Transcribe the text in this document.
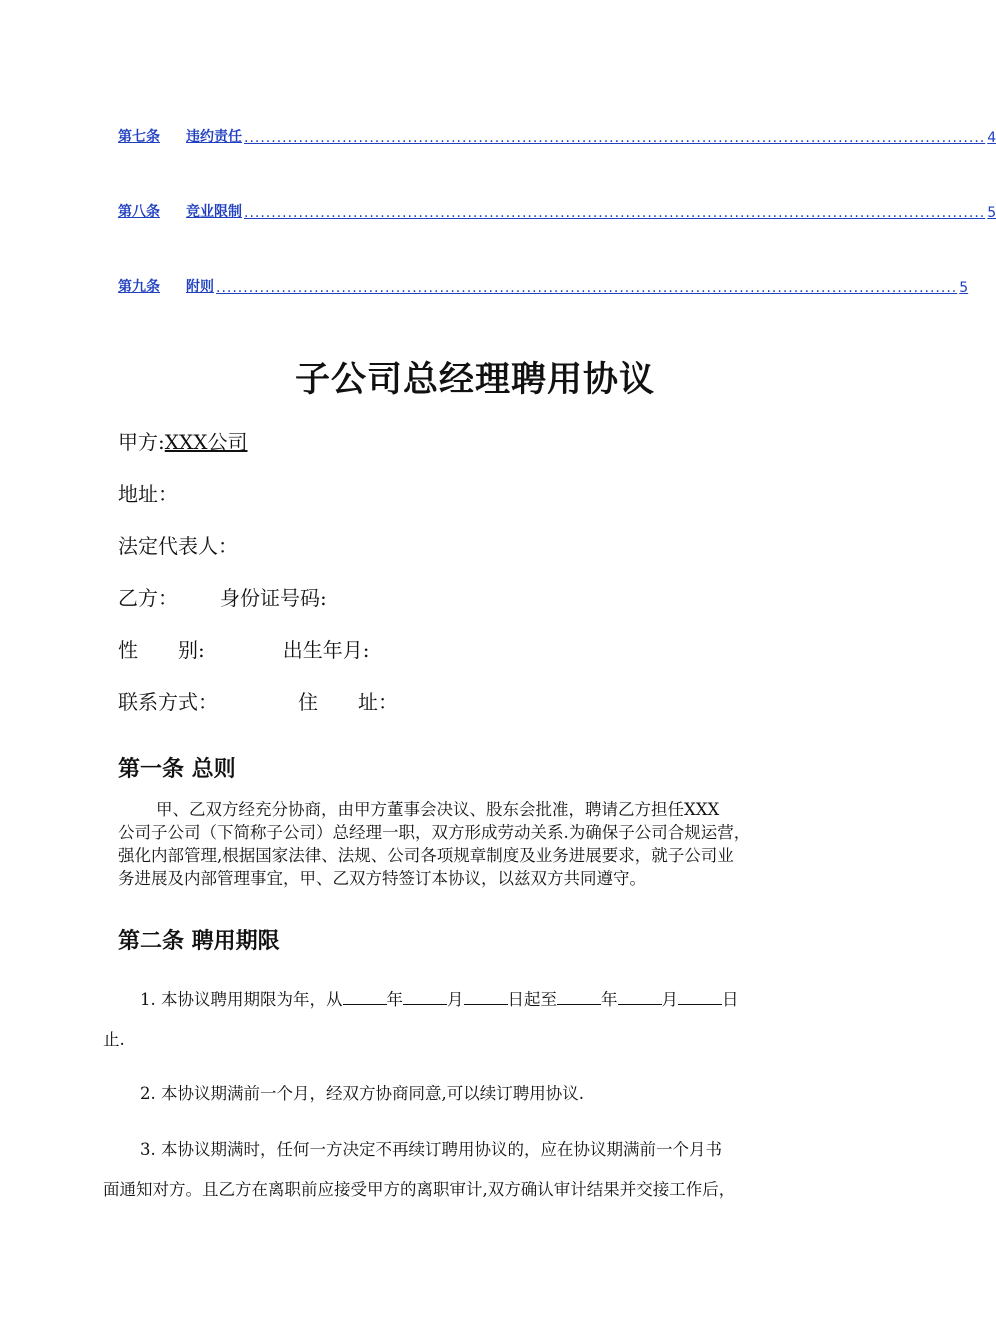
第七条 违约责任 ........................................................................................................................................ 4
第八条 竞业限制 ........................................................................................................................................ 5
第九条 附则 ........................................................................................................................................ 5
子公司总经理聘用协议
甲方:XXX公司
地址：
法定代表人：
乙方： 身份证号码:
性　　别:	出生年月:
联系方式：	住　　址：
第一条 总则

甲、乙双方经充分协商，由甲方董事会决议、股东会批准，聘请乙方担任XXX

公司子公司（下简称子公司）总经理一职，双方形成劳动关系.为确保子公司合规运营，

强化内部管理,根据国家法律、法规、公司各项规章制度及业务进展要求，就子公司业

务进展及内部管理事宜，甲、乙双方特签订本协议，以兹双方共同遵守。

第二条 聘用期限
1. 本协议聘用期限为年，从	年	月	日起至	年	月	日
止.
2. 本协议期满前一个月，经双方协商同意,可以续订聘用协议.
3. 本协议期满时，任何一方决定不再续订聘用协议的，应在协议期满前一个月书
面通知对方。且乙方在离职前应接受甲方的离职审计,双方确认审计结果并交接工作后，
